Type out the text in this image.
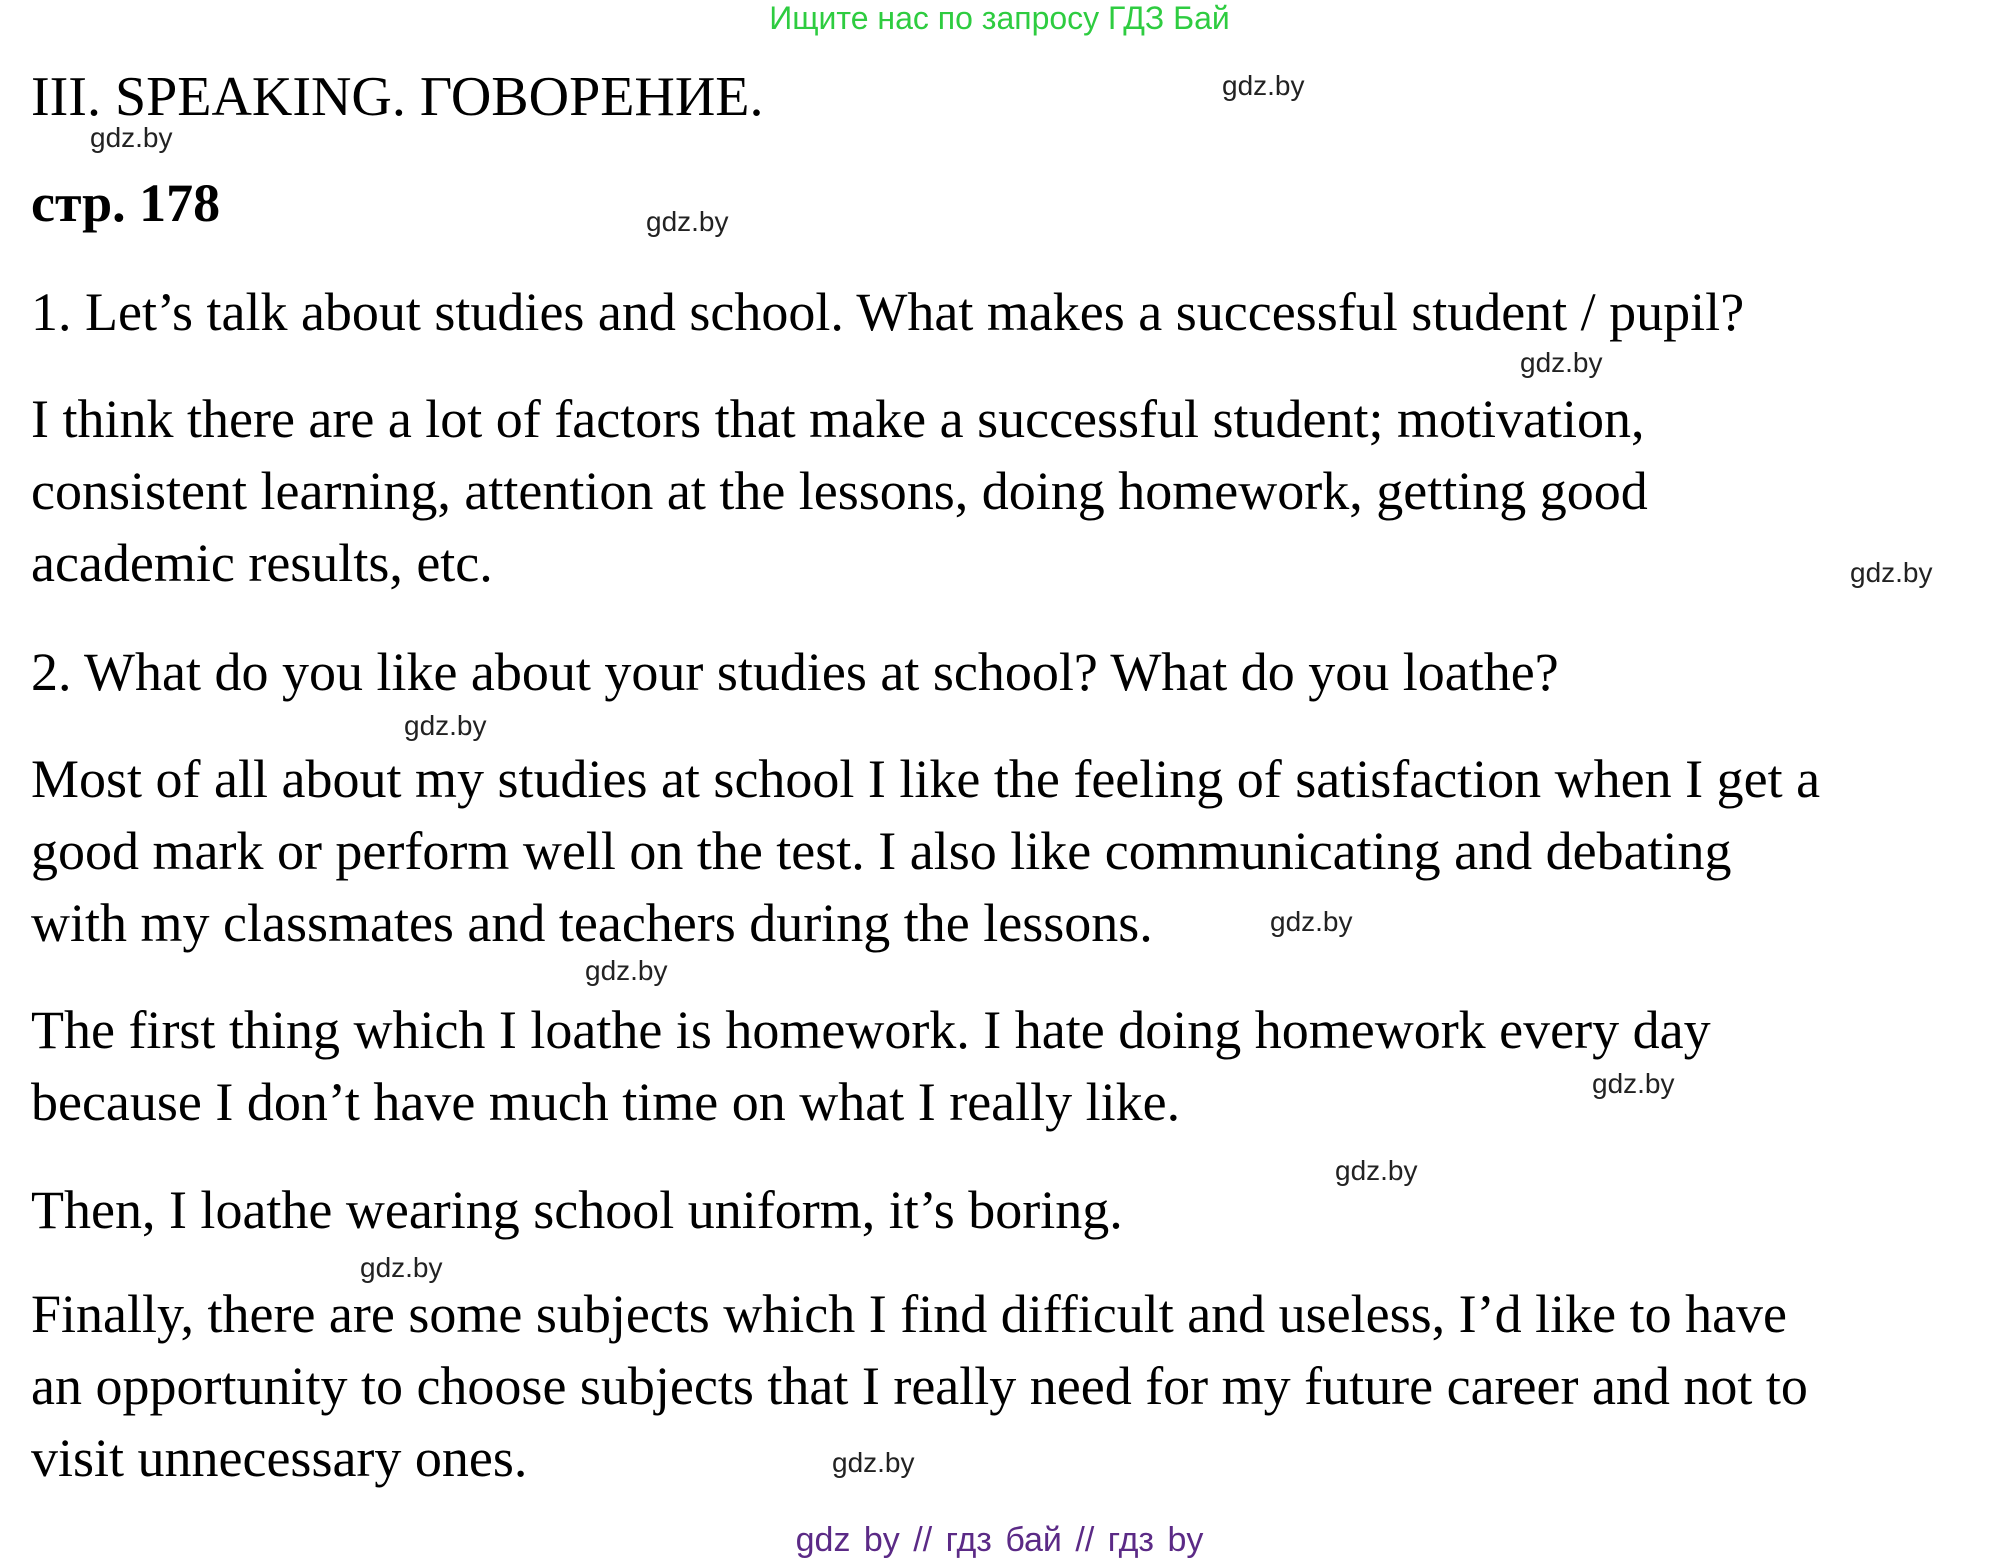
Ищите нас по запросу ГДЗ Бай
III. SPEAKING. ГОВОРЕНИЕ.
стр. 178
1. Let’s talk about studies and school. What makes a successful student / pupil?
I think there are a lot of factors that make a successful student; motivation,
consistent learning, attention at the lessons, doing homework, getting good
academic results, etc.
2. What do you like about your studies at school? What do you loathe?
Most of all about my studies at school I like the feeling of satisfaction when I get a
good mark or perform well on the test. I also like communicating and debating
with my classmates and teachers during the lessons.
The first thing which I loathe is homework. I hate doing homework every day
because I don’t have much time on what I really like.
Then, I loathe wearing school uniform, it’s boring.
Finally, there are some subjects which I find difficult and useless, I’d like to have
an opportunity to choose subjects that I really need for my future career and not to
visit unnecessary ones.
gdz.by
gdz.by
gdz.by
gdz.by
gdz.by
gdz.by
gdz.by
gdz.by
gdz.by
gdz.by
gdz.by
gdz.by
gdz by // гдз бай // гдз by
